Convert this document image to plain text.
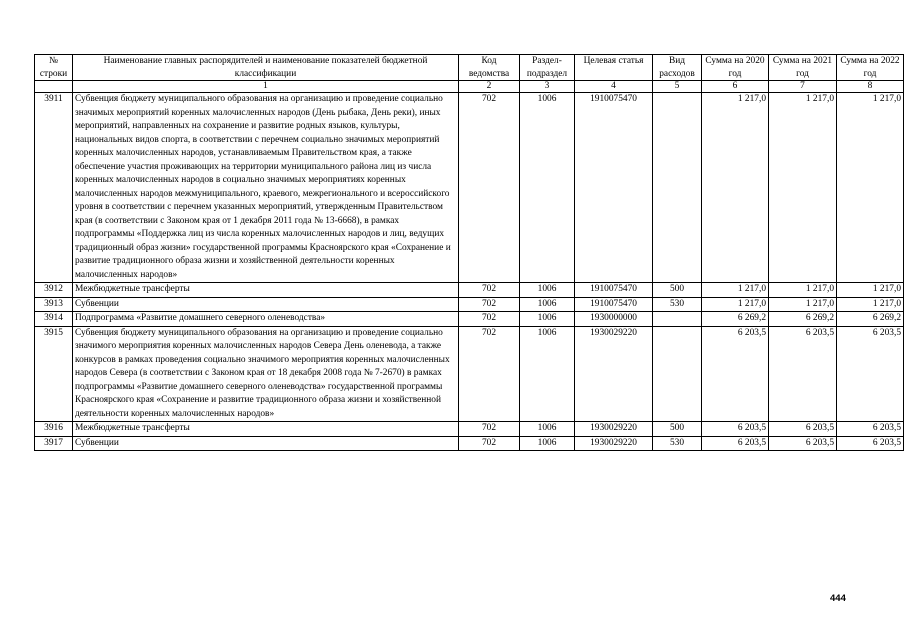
№ строки	Наименование главных распорядителей и наименование показателей бюджетной классификации	Код ведомства	Раздел-подраздел	Целевая статья	Вид расходов	Сумма на 2020 год	Сумма на 2021 год	Сумма на 2022 год
	1	2	3	4	5	6	7	8
3911	Субвенция бюджету муниципального образования на организацию и проведение социально значимых мероприятий коренных малочисленных народов (День рыбака, День реки), иных мероприятий, направленных на сохранение и развитие родных языков, культуры, национальных видов спорта, в соответствии с перечнем социально значимых мероприятий коренных малочисленных народов, устанавливаемым Правительством края, а также обеспечение участия проживающих на территории муниципального района лиц из числа коренных малочисленных народов в социально значимых мероприятиях коренных малочисленных народов межмуниципального, краевого, межрегионального и всероссийского уровня в соответствии с перечнем указанных мероприятий, утвержденным Правительством края (в соответствии с Законом края от 1 декабря 2011 года № 13-6668), в рамках подпрограммы «Поддержка лиц из числа коренных малочисленных народов и лиц, ведущих традиционный образ жизни» государственной программы Красноярского края «Сохранение и развитие традиционного образа жизни и хозяйственной деятельности коренных малочисленных народов»	702	1006	1910075470		1 217,0	1 217,0	1 217,0
3912	Межбюджетные трансферты	702	1006	1910075470	500	1 217,0	1 217,0	1 217,0
3913	Субвенции	702	1006	1910075470	530	1 217,0	1 217,0	1 217,0
3914	Подпрограмма «Развитие домашнего северного оленеводства»	702	1006	1930000000		6 269,2	6 269,2	6 269,2
3915	Субвенция бюджету муниципального образования на организацию и проведение социально значимого мероприятия коренных малочисленных народов Севера День оленевода, а также конкурсов в рамках проведения социально значимого мероприятия коренных малочисленных народов Севера (в соответствии с Законом края от 18 декабря 2008 года № 7-2670) в рамках подпрограммы «Развитие домашнего северного оленеводства» государственной программы Красноярского края «Сохранение и развитие традиционного образа жизни и хозяйственной деятельности коренных малочисленных народов»	702	1006	1930029220		6 203,5	6 203,5	6 203,5
3916	Межбюджетные трансферты	702	1006	1930029220	500	6 203,5	6 203,5	6 203,5
3917	Субвенции	702	1006	1930029220	530	6 203,5	6 203,5	6 203,5
444
